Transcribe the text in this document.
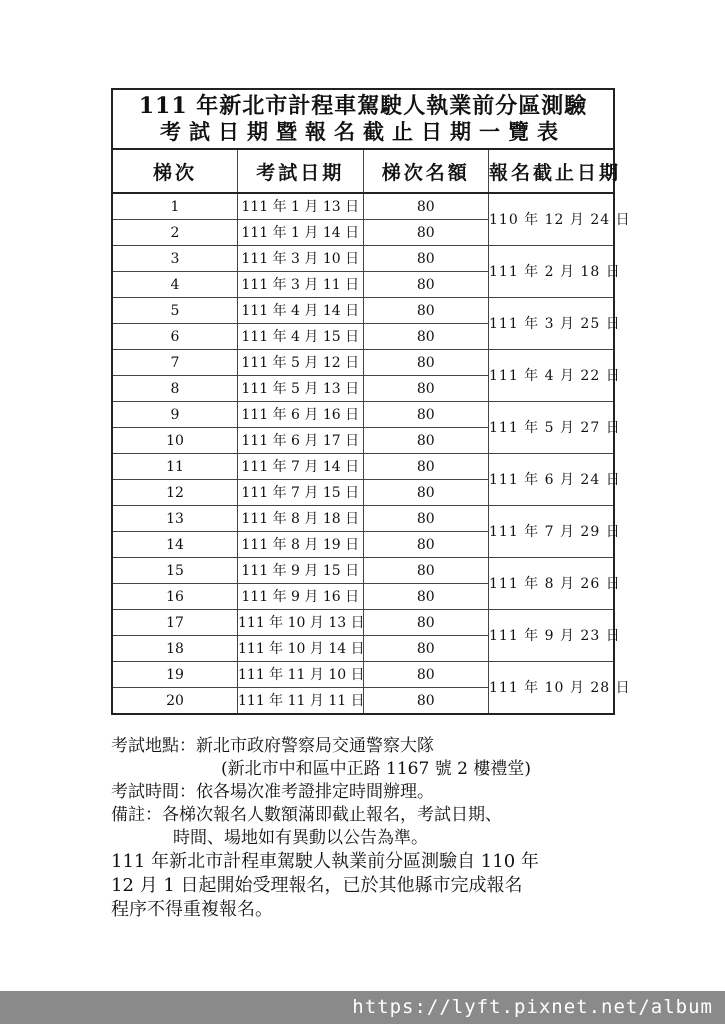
111 年新北市計程車駕駛人執業前分區測驗
考試日期暨報名截止日期一覽表			

梯次	考試日期	梯次名額	報名截止日期
1	111 年 1 月 13 日	80	110 年 12 月 24 日
2	111 年 1 月 14 日	80	
3	111 年 3 月 10 日	80	111 年 2 月 18 日
4	111 年 3 月 11 日	80	
5	111 年 4 月 14 日	80	111 年 3 月 25 日
6	111 年 4 月 15 日	80	
7	111 年 5 月 12 日	80	111 年 4 月 22 日
8	111 年 5 月 13 日	80	
9	111 年 6 月 16 日	80	111 年 5 月 27 日
10	111 年 6 月 17 日	80	
11	111 年 7 月 14 日	80	111 年 6 月 24 日
12	111 年 7 月 15 日	80	
13	111 年 8 月 18 日	80	111 年 7 月 29 日
14	111 年 8 月 19 日	80	
15	111 年 9 月 15 日	80	111 年 8 月 26 日
16	111 年 9 月 16 日	80	
17	111 年 10 月 13 日	80	111 年 9 月 23 日
18	111 年 10 月 14 日	80	
19	111 年 11 月 10 日	80	111 年 10 月 28 日
20	111 年 11 月 11 日	80	
考試地點：新北市政府警察局交通警察大隊
(新北市中和區中正路 1167 號 2 樓禮堂)
考試時間：依各場次准考證排定時間辦理。
備註：各梯次報名人數額滿即截止報名，考試日期、
時間、場地如有異動以公告為準。
111 年新北市計程車駕駛人執業前分區測驗自 110 年
12 月 1 日起開始受理報名，已於其他縣市完成報名
程序不得重複報名。
https://lyft.pixnet.net/album
